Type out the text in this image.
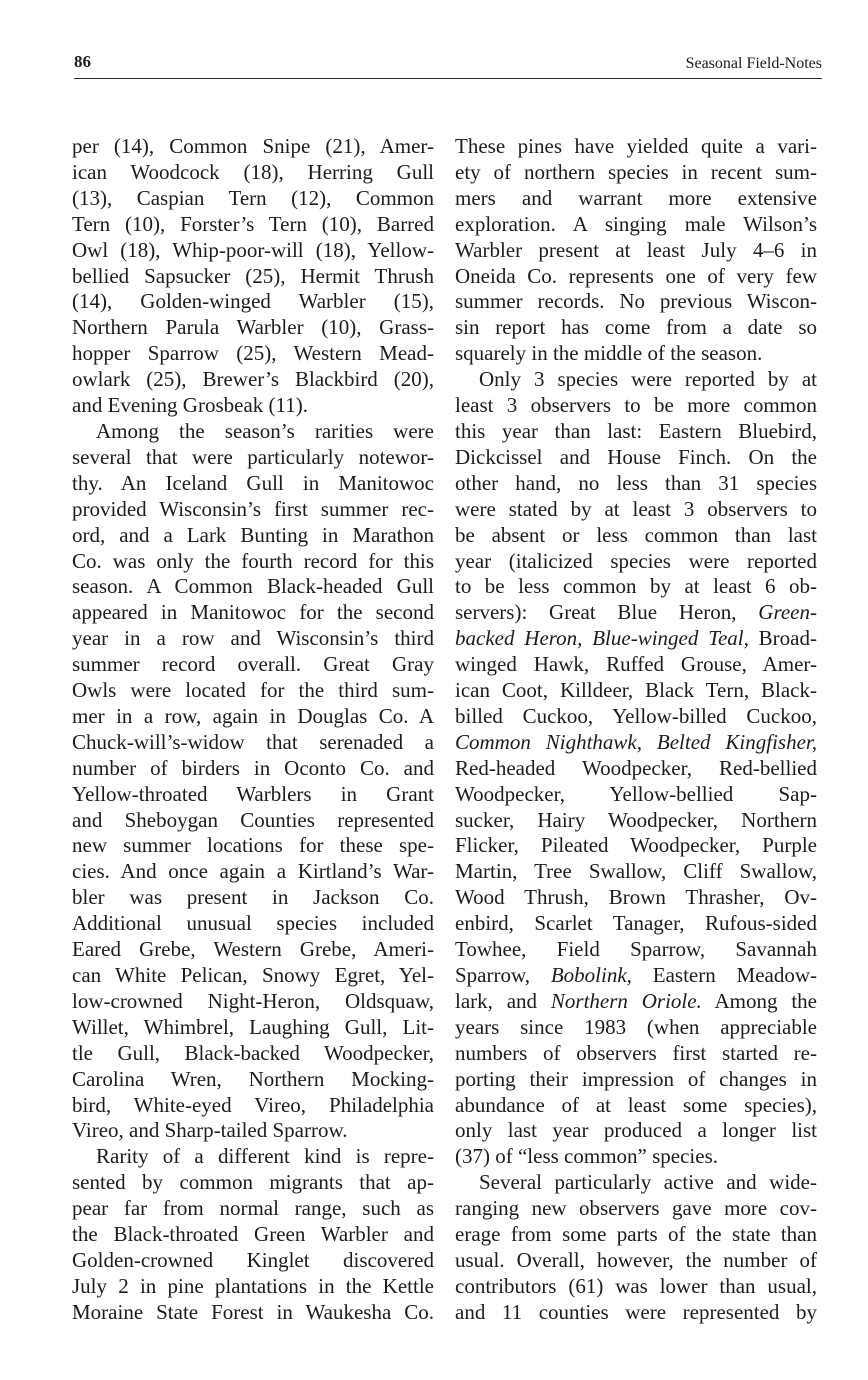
86	Seasonal Field-Notes

per (14), Common Snipe (21), Amer-
ican Woodcock (18), Herring Gull
(13), Caspian Tern (12), Common
Tern (10), Forster’s Tern (10), Barred
Owl (18), Whip-poor-will (18), Yellow-
bellied Sapsucker (25), Hermit Thrush
(14), Golden-winged Warbler (15),
Northern Parula Warbler (10), Grass-
hopper Sparrow (25), Western Mead-
owlark (25), Brewer’s Blackbird (20),
and Evening Grosbeak (11).

Among the season’s rarities were
several that were particularly notewor-
thy. An Iceland Gull in Manitowoc
provided Wisconsin’s first summer rec-
ord, and a Lark Bunting in Marathon
Co. was only the fourth record for this
season. A Common Black-headed Gull
appeared in Manitowoc for the second
year in a row and Wisconsin’s third
summer record overall. Great Gray
Owls were located for the third sum-
mer in a row, again in Douglas Co. A
Chuck-will’s-widow that serenaded a
number of birders in Oconto Co. and
Yellow-throated Warblers in Grant
and Sheboygan Counties represented
new summer locations for these spe-
cies. And once again a Kirtland’s War-
bler was present in Jackson Co.
Additional unusual species included
Eared Grebe, Western Grebe, Ameri-
can White Pelican, Snowy Egret, Yel-
low-crowned Night-Heron, Oldsquaw,
Willet, Whimbrel, Laughing Gull, Lit-
tle Gull, Black-backed Woodpecker,
Carolina Wren, Northern Mocking-
bird, White-eyed Vireo, Philadelphia
Vireo, and Sharp-tailed Sparrow.

Rarity of a different kind is repre-
sented by common migrants that ap-
pear far from normal range, such as
the Black-throated Green Warbler and
Golden-crowned Kinglet discovered
July 2 in pine plantations in the Kettle
Moraine State Forest in Waukesha Co.

These pines have yielded quite a vari-
ety of northern species in recent sum-
mers and warrant more extensive
exploration. A singing male Wilson’s
Warbler present at least July 4–6 in
Oneida Co. represents one of very few
summer records. No previous Wiscon-
sin report has come from a date so
squarely in the middle of the season.

Only 3 species were reported by at
least 3 observers to be more common
this year than last: Eastern Bluebird,
Dickcissel and House Finch. On the
other hand, no less than 31 species
were stated by at least 3 observers to
be absent or less common than last
year (italicized species were reported
to be less common by at least 6 ob-
servers): Great Blue Heron, Green-
backed Heron, Blue-winged Teal, Broad-
winged Hawk, Ruffed Grouse, Amer-
ican Coot, Killdeer, Black Tern, Black-
billed Cuckoo, Yellow-billed Cuckoo,
Common Nighthawk, Belted Kingfisher,
Red-headed Woodpecker, Red-bellied
Woodpecker, Yellow-bellied Sap-
sucker, Hairy Woodpecker, Northern
Flicker, Pileated Woodpecker, Purple
Martin, Tree Swallow, Cliff Swallow,
Wood Thrush, Brown Thrasher, Ov-
enbird, Scarlet Tanager, Rufous-sided
Towhee, Field Sparrow, Savannah
Sparrow, Bobolink, Eastern Meadow-
lark, and Northern Oriole. Among the
years since 1983 (when appreciable
numbers of observers first started re-
porting their impression of changes in
abundance of at least some species),
only last year produced a longer list
(37) of “less common” species.

Several particularly active and wide-
ranging new observers gave more cov-
erage from some parts of the state than
usual. Overall, however, the number of
contributors (61) was lower than usual,
and 11 counties were represented by
